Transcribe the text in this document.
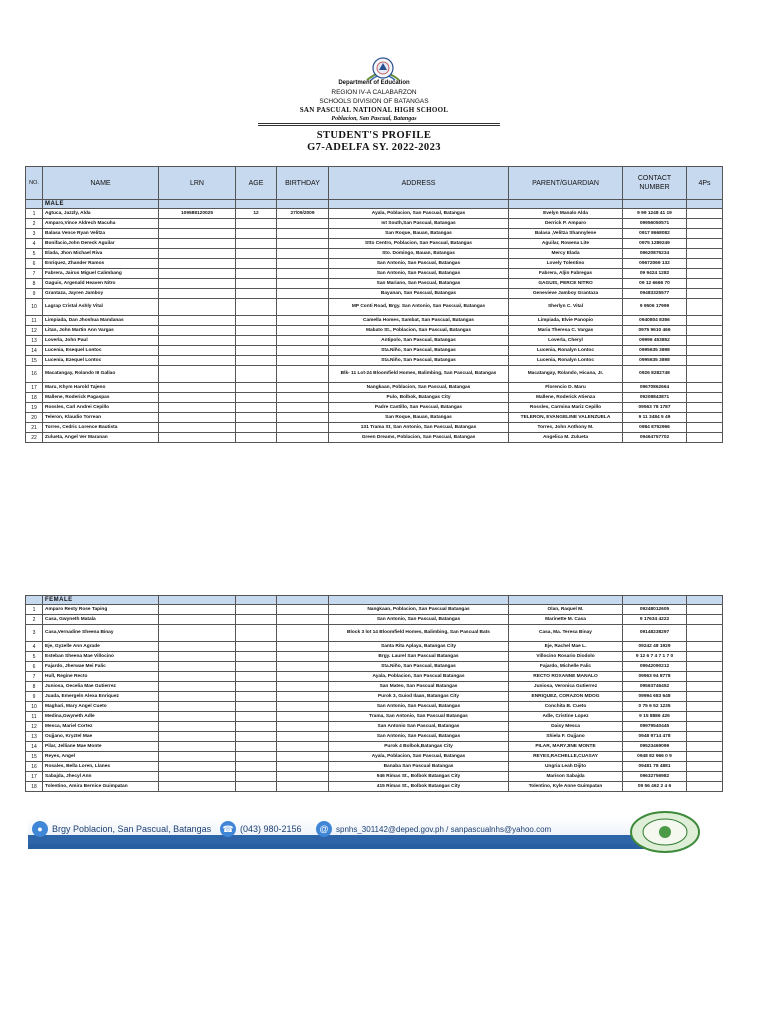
Department of Education
REGION IV-A CALABARZON
SCHOOLS DIVISION OF BATANGAS
SAN PASCUAL NATIONAL HIGH SCHOOL
Poblacion, San Pascual, Batangas
STUDENT'S PROFILE
G7-ADELFA SY. 2022-2023
NO.	NAME	LRN	AGE	BIRTHDAY	ADDRESS	PARENT/GUARDIAN	CONTACT NUMBER	4Ps
	MALE							
1	Agtuca, Jazzly, Alda	109588120025	12	27/09/2009	Ayala, Poblacion, San Pascual, Batangas	Evelyn Manalo Alda	9 99 1248 41 19	
2	Amparo,Vince Aldrech Macuha				Ist South,San Pascual, Batangas	Derrick P. Amparo	09956050571	
3	Balasa Vence Ryan Velitza				San Roque, Bauan, Batangas	Balasa ,Velitza Shannylene	0917 8668082	
4	Bonifacio,John Dereck Aguilar				Stto Centro, Poblacion, San Pascual, Batangas	Aguilar, Rowena Lite	0975 1289249	
5	Elada, Jhon Michael Riva				Sto. Domingo, Bauan, Batangas	Mercy Elada	09620876234	
6	Enriquez, Zhander Ramos				San Antonio, San Pascual, Batangas	Lovely Tolentino	09672069 132	
7	Fabrera, Jairus Miguel Calimbang				San Antonio, San Pascual, Batangas	Fabrera, Aljin Fabregas	09 9424 1282	
8	Gaguis, Argenald Heaven Nitro				San Mariano, San Pascual, Batangas	GAGUIS, PERCE NITRO	09 12 6666 70	
9	Grantaza, Jayren Jamboy				Bayanan, San Pascual, Batangas	Genevieve Jamboy Grantaza	09483325577	
10	Lagrap Cristal Ashly Vital				MP Conti Road, Brgy. San Antonio, San Pascual, Batangas	Sherlyn C. Vital	9 9506 17999	
11	Limpiada, Dan Jhoshua Mandanas				Camella Homes, Sambat, San Pascual, Batangas	Limpiada, Elvie Panopio	0940804 8356	
12	Litan, John Martin Ann Vargas				Mabato St., Poblacion, San Pascual, Batangas	Maria Theresa C. Vargas	0975 9610 466	
13	Loverla, John Paul				Antipolo, San Pascual, Batangas	Loverla, Cheryl	09996 453852	
14	Lucenia, Esequel Lontoc				Sta.Niño, San Pascual, Batangas	Lucenia, Ronalyn Lontoc	0995635 3898	
15	Lucenia, Ezequel Lontoc				Sta.Niño, San Pascual, Batangas	Lucenia, Ronalyn Lontoc	0995635 3898	
16	Macatangay, Rolando III Gallao				Blk- 11 Lot-24 Bloomfield Homes, Balimbing, San Pascual, Batangas	Macatangay, Rolando, Hicana, Jr.	0926 8282748	
17	Maru, Khym Harold Tajeno				Nangkaan, Poblacion, San Pascual, Batangas	Florencio D. Maru	09670862664	
18	Mallene, Roderick Pagaspas				Pulo, Bolbok, Batangas City	Mallene, Roderick Atienza	09208843871	
19	Rossles, Carl Andrei Cepillo				Padre Castillo, San Pascual, Batangas	Rossles, Carmina Mariz Cepillo	09563 78 1787	
20	Teleron, Klaudio Torrean				San Roque, Bauan, Batangas	TELERON, EVANGELINE VALENZUELA	9 11 3484 5 49	
21	Torres, Cedric Lorence Bautista				131 Trama St, San Antonio, San Pascual, Batangas	Torres, John Anthony M.	0984 8752966	
22	Zulueta, Angel Ver Maranan				Green Dreams, Poblacion, San Pascual, Batangas	Angelica M. Zulueta	09464757702	
	FEMALE							
1	Amparo Resty Rose Taping				Nangkaan, Poblacion, San Pascual Batangas	Olan, Raquel M.	09248012605	
2	Casa, Gwyneth Matala				San Antonio, San Pascual, Batangas	Marinette M. Casa	9 17634 4222	
3	Casa,Vernadine Sheena Binay				Block 3 lot 14 Bloomfield Homes, Balimbing, San Pascual Bats	Casa, Ma. Teresa Binay	09148238297	
4	Eje, Gyzelle Ann Agrade				Santa Rita Aplaya, Batangas City	Eje, Rachel Mae L.	09242 48 1929	
5	Esteban Sheena Mae Villocino				Brgy. Laurel San Pascual Batangas	Villocino Rosario Diodolo	9 12 6 7 4 7 1 7 0	
6	Fajardo, Jherwae Mei Falic				Sta.Niño, San Pascual, Batangas	Fajardo, Michelle Falic	09942090212	
7	Hull, Regine Recto				Ayala, Poblacion, San Pascual Batangas	RECTO ROXANNE MANALO	09963 94 8778	
8	Juniosa, Oecelia Mae Gutierrez				San Mateo, San Pascual Batangas	Juniosa, Veronica Gutierrez	09563746452	
9	Juada, Emergeln Alexa Enriquez				Purok 3, Guiod Ilaan, Batangas City	ENRIQUEZ, CORAZON MDOG	09994 683 648	
10	Maghari, Mary Angel Cueto				San Antonio, San Pascual, Batangas	Conchita B. Cueto	0 75 6 52 1235	
11	Medina,Gwyneth Adle				Trama, San Antonio, San Pascual Batangas	Adle, Cristine Lopez	9 15 8886 426	
12	Mesca, Mariel Cortez				San Antonio San Pascual, Batangas	Daisy Mesca	09979540445	
13	Oujjano, Kryztel Mae				San Antonio, San Pascual, Batangas	Shiela F. Oujjano	0948 9714 478	
14	Pilar, Jelliane Mae Monte				Purok 4 Bolbok,Batangas City	PILAR, MARYJINE MONTE	09523469099	
15	Reyes, Angel				Ayala, Poblacion, San Pascual, Batangas	REYES,RACHELLE,CUASAY	0948 82 966 0 9	
16	Rosales, Bella Loren, Llanes				Banaba San Pascual Batangas	Ungria Leah Dijito	09481 78 4881	
17	Sabajda, Jhecyl Ann				946 Rimas St., Bolbok Batangas City	Marison Sabajda	09632756982	
18	Tolentino, Amira Bernice Guimpatan				415 Rimas St., Bolbok Batangas City	Tolentino, Kyle Anne Guimpatan	09 56 462 2 4 6	
●	Brgy Poblacion, San Pascual, Batangas ☎ (043) 980-2156	@ spnhs_301142@deped.gov.ph / sanpascualnhs@yahoo.com
